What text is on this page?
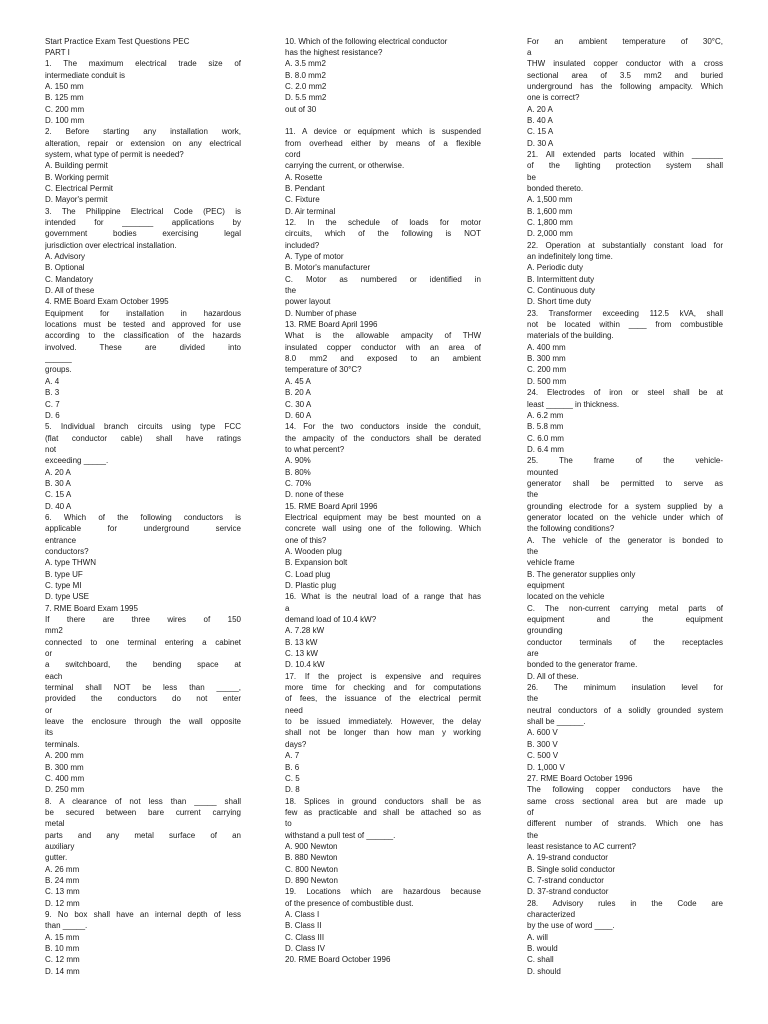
Start Practice Exam Test Questions PEC
PART I
1. The maximum electrical trade size of
intermediate conduit is
A. 150 mm
B. 125 mm
C. 200 mm
D. 100 mm
2. Before starting any installation work,
alteration, repair or extension on any electrical
system, what type of permit is needed?
A. Building permit
B. Working permit
C. Electrical Permit
D. Mayor's permit
3. The Philippine Electrical Code (PEC) is
intended for _______ applications by
government bodies exercising legal
jurisdiction over electrical installation.
A. Advisory
B. Optional
C. Mandatory
D. All of these
4. RME Board Exam October 1995
Equipment for installation in hazardous
locations must be tested and approved for use
according to the classification of the hazards
involved. These are divided into
______
groups.
A. 4
B. 3
C. 7
D. 6
5. Individual branch circuits using type FCC
(flat conductor cable) shall have ratings
not
exceeding _____.
A. 20 A
B. 30 A
C. 15 A
D. 40 A
6. Which of the following conductors is
applicable for underground service
entrance
conductors?
A. type THWN
B. type UF
C. type MI
D. type USE
7. RME Board Exam 1995
If there are three wires of 150
mm2
connected to one terminal entering a cabinet
or
a switchboard, the bending space at
each
terminal shall NOT be less than _____,
provided the conductors do not enter
or
leave the enclosure through the wall opposite
its
terminals.
A. 200 mm
B. 300 mm
C. 400 mm
D. 250 mm
8. A clearance of not less than _____ shall
be secured between bare current carrying
metal
parts and any metal surface of an
auxiliary
gutter.
A. 26 mm
B. 24 mm
C. 13 mm
D. 12 mm
9. No box shall have an internal depth of less
than _____.
A. 15 mm
B. 10 mm
C. 12 mm
D. 14 mm
10. Which of the following electrical conductor
has the highest resistance?
A. 3.5 mm2
B. 8.0 mm2
C. 2.0 mm2
D. 5.5 mm2
out of 30
11. A device or equipment which is suspended
from overhead either by means of a flexible
cord
carrying the current, or otherwise.
A. Rosette
B. Pendant
C. Fixture
D. Air terminal
12. In the schedule of loads for motor
circuits, which of the following is NOT
included?
A. Type of motor
B. Motor's manufacturer
C. Motor as numbered or identified in
the
power layout
D. Number of phase
13. RME Board April 1996
What is the allowable ampacity of THW
insulated copper conductor with an area of
8.0 mm2 and exposed to an ambient
temperature of 30°C?
A. 45 A
B. 20 A
C. 30 A
D. 60 A
14. For the two conductors inside the conduit,
the ampacity of the conductors shall be derated
to what percent?
A. 90%
B. 80%
C. 70%
D. none of these
15. RME Board April 1996
Electrical equipment may be best mounted on a
concrete wall using one of the following. Which
one of this?
A. Wooden plug
B. Expansion bolt
C. Load plug
D. Plastic plug
16. What is the neutral load of a range that has
a
demand load of 10.4 kW?
A. 7.28 kW
B. 13 kW
C. 13 kW
D. 10.4 kW
17. If the project is expensive and requires
more time for checking and for computations
of fees, the issuance of the electrical permit
need
to be issued immediately. However, the delay
shall not be longer than how man y working
days?
A. 7
B. 6
C. 5
D. 8
18. Splices in ground conductors shall be as
few as practicable and shall be attached so as
to
withstand a pull test of ______.
A. 900 Newton
B. 880 Newton
C. 800 Newton
D. 890 Newton
19. Locations which are hazardous because
of the presence of combustible dust.
A. Class I
B. Class II
C. Class III
D. Class IV
20. RME Board October 1996
For an ambient temperature of 30°C,
a
THW insulated copper conductor with a cross
sectional area of 3.5 mm2 and buried
underground has the following ampacity. Which
one is correct?
A. 20 A
B. 40 A
C. 15 A
D. 30 A
21. All extended parts located within _______
of the lighting protection system shall
be
bonded thereto.
A. 1,500 mm
B. 1,600 mm
C. 1,800 mm
D. 2,000 mm
22. Operation at substantially constant load for
an indefinitely long time.
A. Periodic duty
B. Intermittent duty
C. Continuous duty
D. Short time duty
23. Transformer exceeding 112.5 kVA, shall
not be located within ____ from combustible
materials of the building.
A. 400 mm
B. 300 mm
C. 200 mm
D. 500 mm
24. Electrodes of iron or steel shall be at
least ______ in thickness.
A. 6.2 mm
B. 5.8 mm
C. 6.0 mm
D. 6.4 mm
25. The frame of the vehicle-
mounted
generator shall be permitted to serve as
the
grounding electrode for a system supplied by a
generator located on the vehicle under which of
the following conditions?
A. The vehicle of the generator is bonded to
the
vehicle frame
B. The generator supplies only
equipment
located on the vehicle
C. The non-current carrying metal parts of
equipment and the equipment
grounding
conductor terminals of the receptacles
are
bonded to the generator frame.
D. All of these.
26. The minimum insulation level for
the
neutral conductors of a solidly grounded system
shall be ______.
A. 600 V
B. 300 V
C. 500 V
D. 1,000 V
27. RME Board October 1996
The following copper conductors have the
same cross sectional area but are made up
of
different number of strands. Which one has
the
least resistance to AC current?
A. 19-strand conductor
B. Single solid conductor
C. 7-strand conductor
D. 37-strand conductor
28. Advisory rules in the Code are
characterized
by the use of word ____.
A. will
B. would
C. shall
D. should
